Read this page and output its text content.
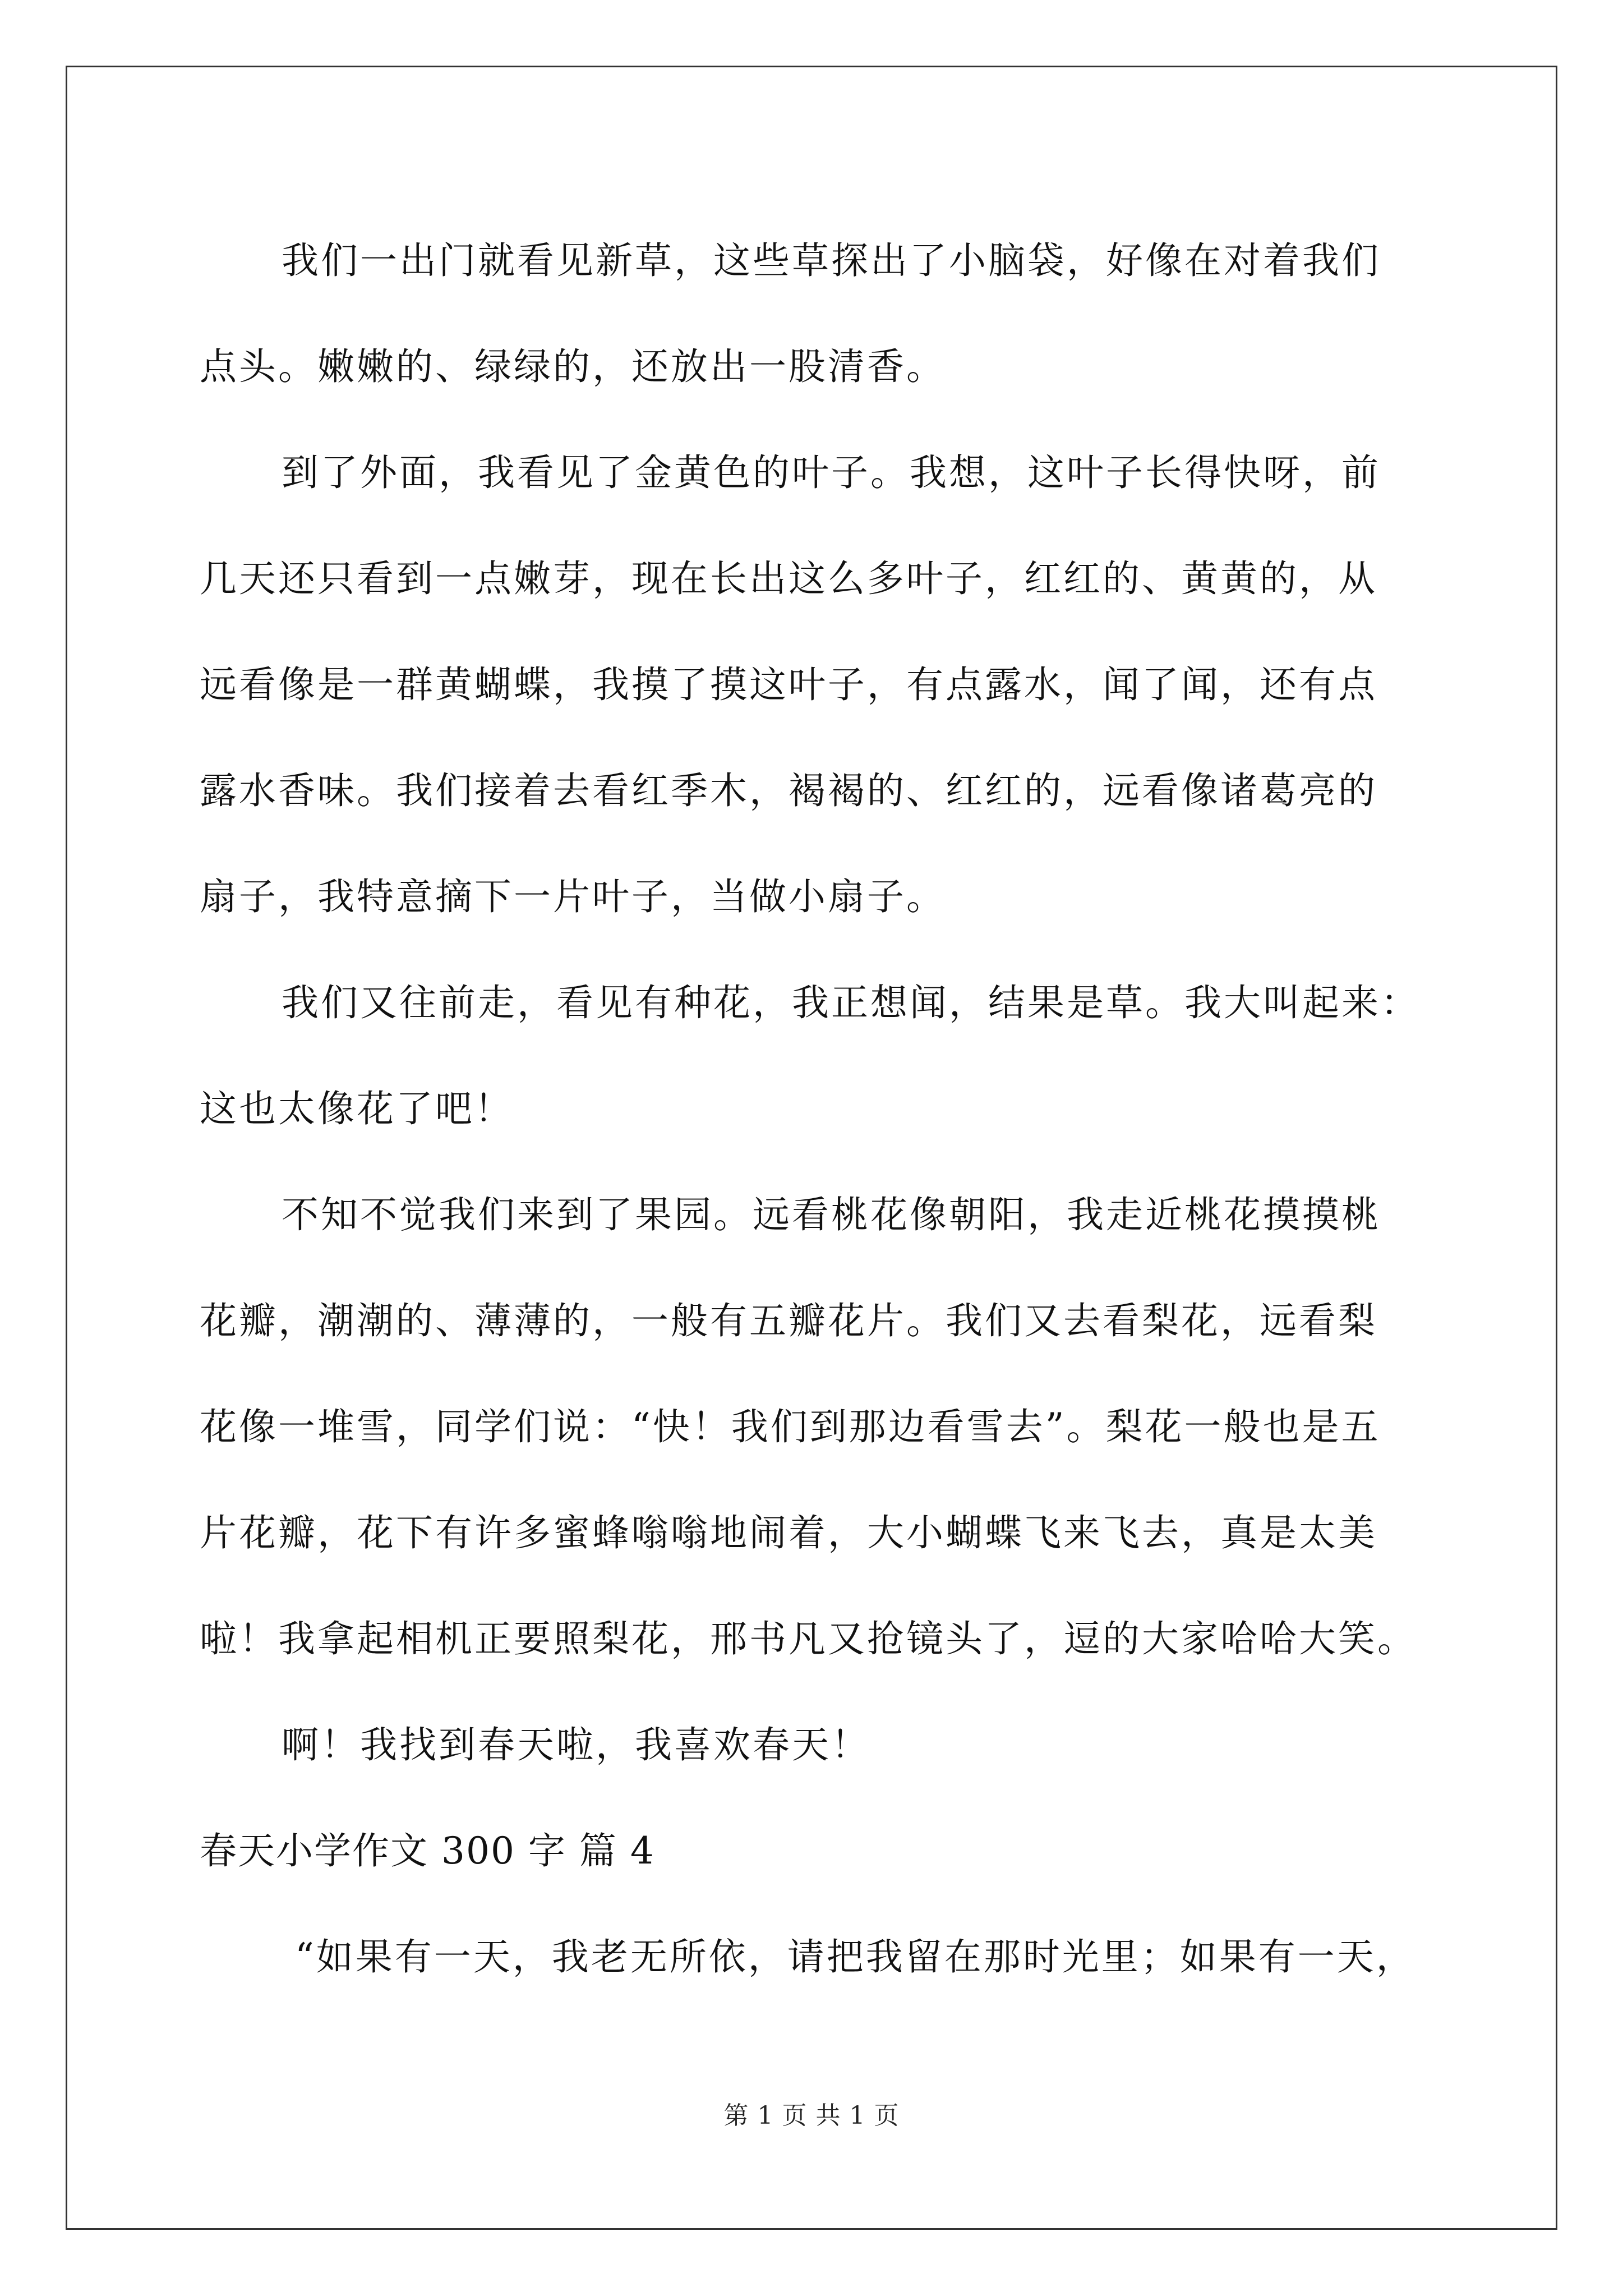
我们一出门就看见新草，这些草探出了小脑袋，好像在对着我们
点头。嫩嫩的、绿绿的，还放出一股清香。
到了外面，我看见了金黄色的叶子。我想，这叶子长得快呀，前
几天还只看到一点嫩芽，现在长出这么多叶子，红红的、黄黄的，从
远看像是一群黄蝴蝶，我摸了摸这叶子，有点露水，闻了闻，还有点
露水香味。我们接着去看红季木，褐褐的、红红的，远看像诸葛亮的
扇子，我特意摘下一片叶子，当做小扇子。
我们又往前走，看见有种花，我正想闻，结果是草。我大叫起来：
这也太像花了吧！
不知不觉我们来到了果园。远看桃花像朝阳，我走近桃花摸摸桃
花瓣，潮潮的、薄薄的，一般有五瓣花片。我们又去看梨花，远看梨
花像一堆雪，同学们说：“快！我们到那边看雪去”。梨花一般也是五
片花瓣，花下有许多蜜蜂嗡嗡地闹着，大小蝴蝶飞来飞去，真是太美
啦！我拿起相机正要照梨花，邢书凡又抢镜头了，逗的大家哈哈大笑。
啊！我找到春天啦，我喜欢春天！

春天小学作文 300 字 篇 4

“如果有一天，我老无所依，请把我留在那时光里；如果有一天，

第 1 页 共 1 页
